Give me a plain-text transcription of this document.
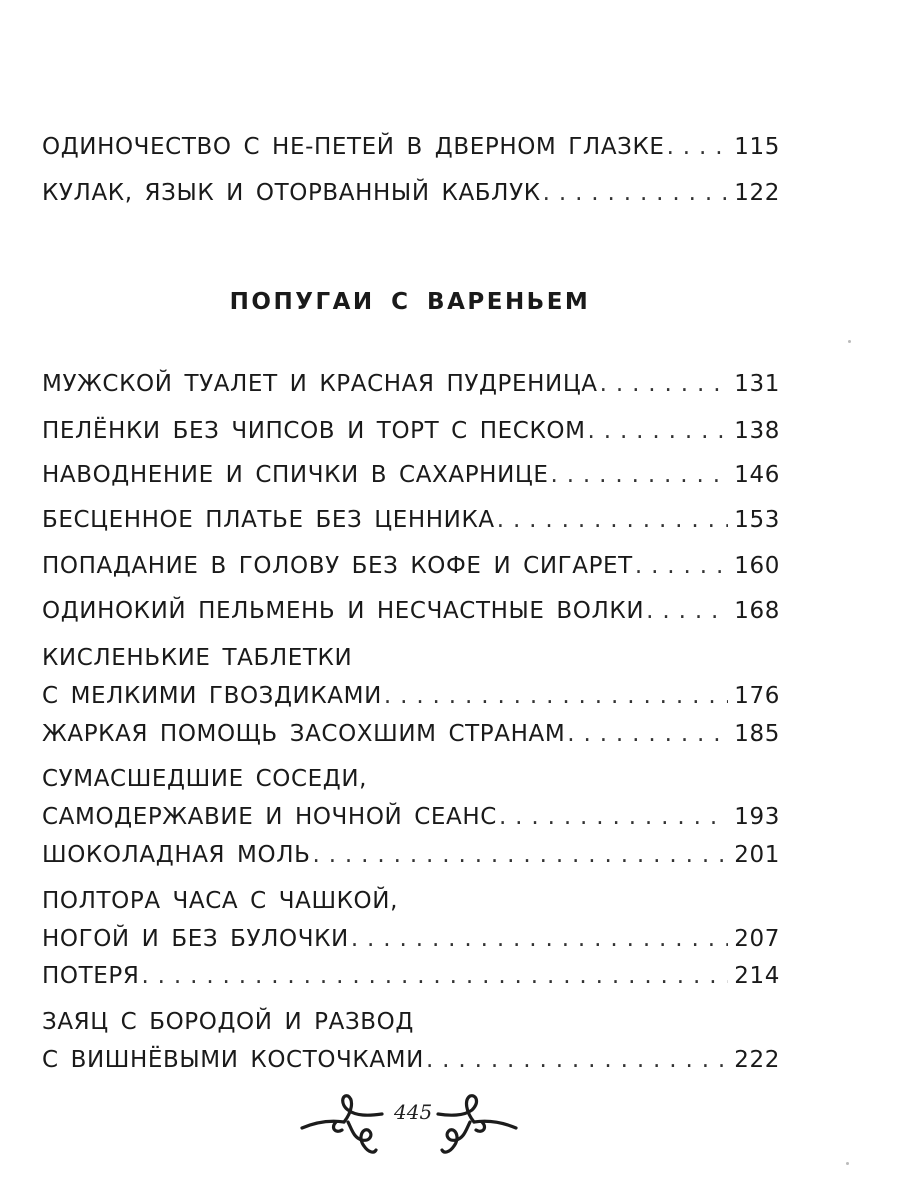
ОДИНОЧЕСТВО С НЕ-ПЕТЕЙ В ДВЕРНОМ ГЛАЗКЕ . . .	115
КУЛАК, ЯЗЫК И ОТОРВАННЫЙ КАБЛУК . . .	122
МУЖСКОЙ ТУАЛЕТ И КРАСНАЯ ПУДРЕНИЦА . . .	131
ПЕЛЁНКИ БЕЗ ЧИПСОВ И ТОРТ С ПЕСКОМ . . .	138
НАВОДНЕНИЕ И СПИЧКИ В САХАРНИЦЕ . . .	146
БЕСЦЕННОЕ ПЛАТЬЕ БЕЗ ЦЕННИКА . . .	153
ПОПАДАНИЕ В ГОЛОВУ БЕЗ КОФЕ И СИГАРЕТ . . .	160
ОДИНОКИЙ ПЕЛЬМЕНЬ И НЕСЧАСТНЫЕ ВОЛКИ . . .	168
КИСЛЕНЬКИЕ ТАБЛЕТКИ
С МЕЛКИМИ ГВОЗДИКАМИ . . .	176
ЖАРКАЯ ПОМОЩЬ ЗАСОХШИМ СТРАНАМ . . .	185
СУМАСШЕДШИЕ СОСЕДИ,
САМОДЕРЖАВИЕ И НОЧНОЙ СЕАНС . . .	193
ШОКОЛАДНАЯ МОЛЬ . . .	201
ПОЛТОРА ЧАСА С ЧАШКОЙ,
НОГОЙ И БЕЗ БУЛОЧКИ . . .	207
ПОТЕРЯ . . .	214
ЗАЯЦ С БОРОДОЙ И РАЗВОД
С ВИШНЁВЫМИ КОСТОЧКАМИ . . .	222
ПОПУГАИ С ВАРЕНЬЕМ
445
